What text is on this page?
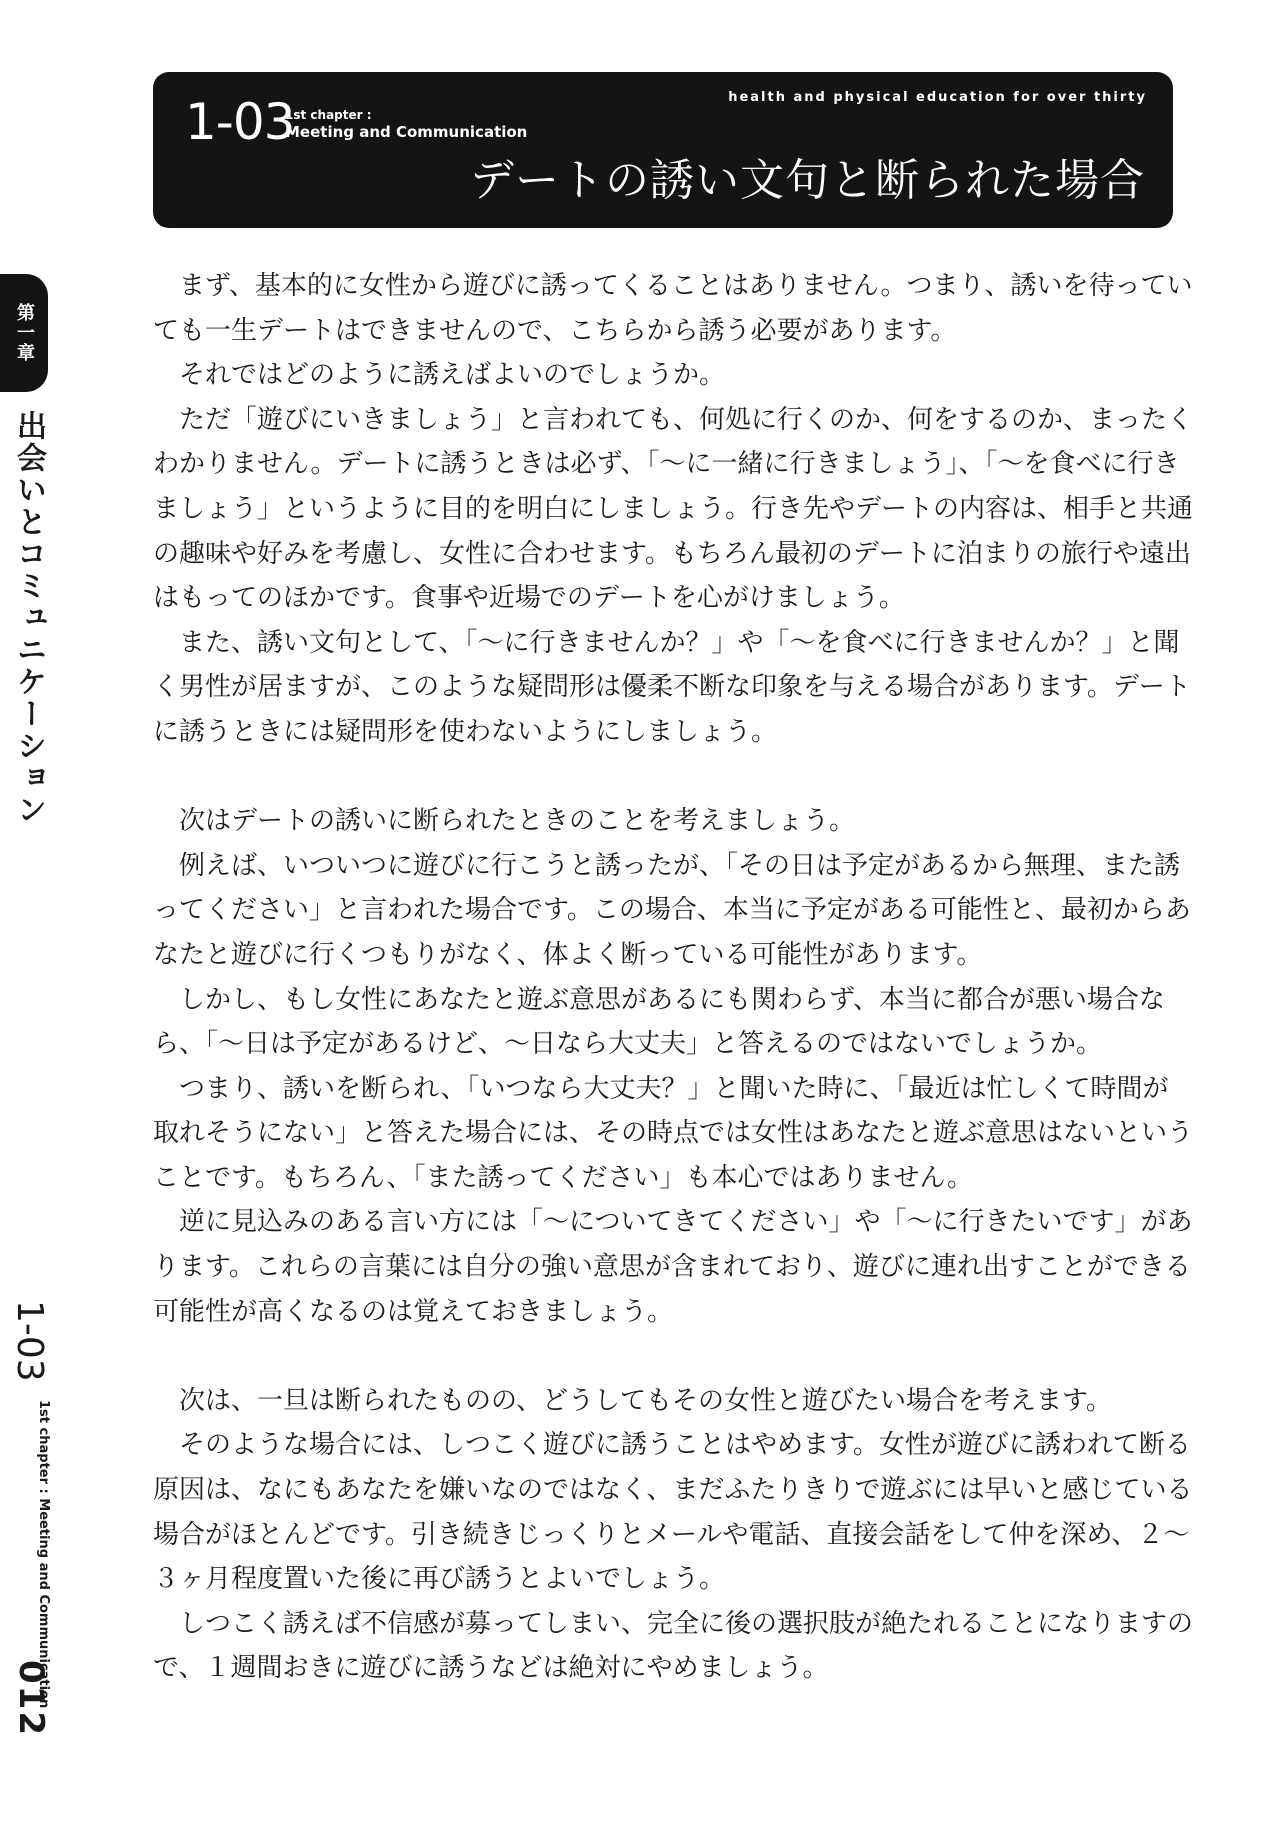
1-03
1st chapter :
Meeting and Communication
health and physical education for over thirty
デートの誘い文句と断られた場合
第一章
出会いとコミュニケーション
1-03
1st chapter : Meeting and Communication
012

まず、基本的に女性から遊びに誘ってくることはありません。つまり、誘いを待っていても一生デートはできませんので、こちらから誘う必要があります。

それではどのように誘えばよいのでしょうか。

ただ「遊びにいきましょう」と言われても、何処に行くのか、何をするのか、まったくわかりません。デートに誘うときは必ず、「〜に一緒に行きましょう」、「〜を食べに行きましょう」というように目的を明白にしましょう。行き先やデートの内容は、相手と共通の趣味や好みを考慮し、女性に合わせます。もちろん最初のデートに泊まりの旅行や遠出はもってのほかです。食事や近場でのデートを心がけましょう。

また、誘い文句として、「〜に行きませんか？」や「〜を食べに行きませんか？」と聞く男性が居ますが、このような疑問形は優柔不断な印象を与える場合があります。デートに誘うときには疑問形を使わないようにしましょう。

次はデートの誘いに断られたときのことを考えましょう。

例えば、いついつに遊びに行こうと誘ったが、「その日は予定があるから無理、また誘ってください」と言われた場合です。この場合、本当に予定がある可能性と、最初からあなたと遊びに行くつもりがなく、体よく断っている可能性があります。

しかし、もし女性にあなたと遊ぶ意思があるにも関わらず、本当に都合が悪い場合なら、「〜日は予定があるけど、〜日なら大丈夫」と答えるのではないでしょうか。

つまり、誘いを断られ、「いつなら大丈夫？」と聞いた時に、「最近は忙しくて時間が取れそうにない」と答えた場合には、その時点では女性はあなたと遊ぶ意思はないということです。もちろん、「また誘ってください」も本心ではありません。

逆に見込みのある言い方には「〜についてきてください」や「〜に行きたいです」があります。これらの言葉には自分の強い意思が含まれており、遊びに連れ出すことができる可能性が高くなるのは覚えておきましょう。

次は、一旦は断られたものの、どうしてもその女性と遊びたい場合を考えます。

そのような場合には、しつこく遊びに誘うことはやめます。女性が遊びに誘われて断る原因は、なにもあなたを嫌いなのではなく、まだふたりきりで遊ぶには早いと感じている場合がほとんどです。引き続きじっくりとメールや電話、直接会話をして仲を深め、２〜３ヶ月程度置いた後に再び誘うとよいでしょう。

しつこく誘えば不信感が募ってしまい、完全に後の選択肢が絶たれることになりますので、１週間おきに遊びに誘うなどは絶対にやめましょう。
